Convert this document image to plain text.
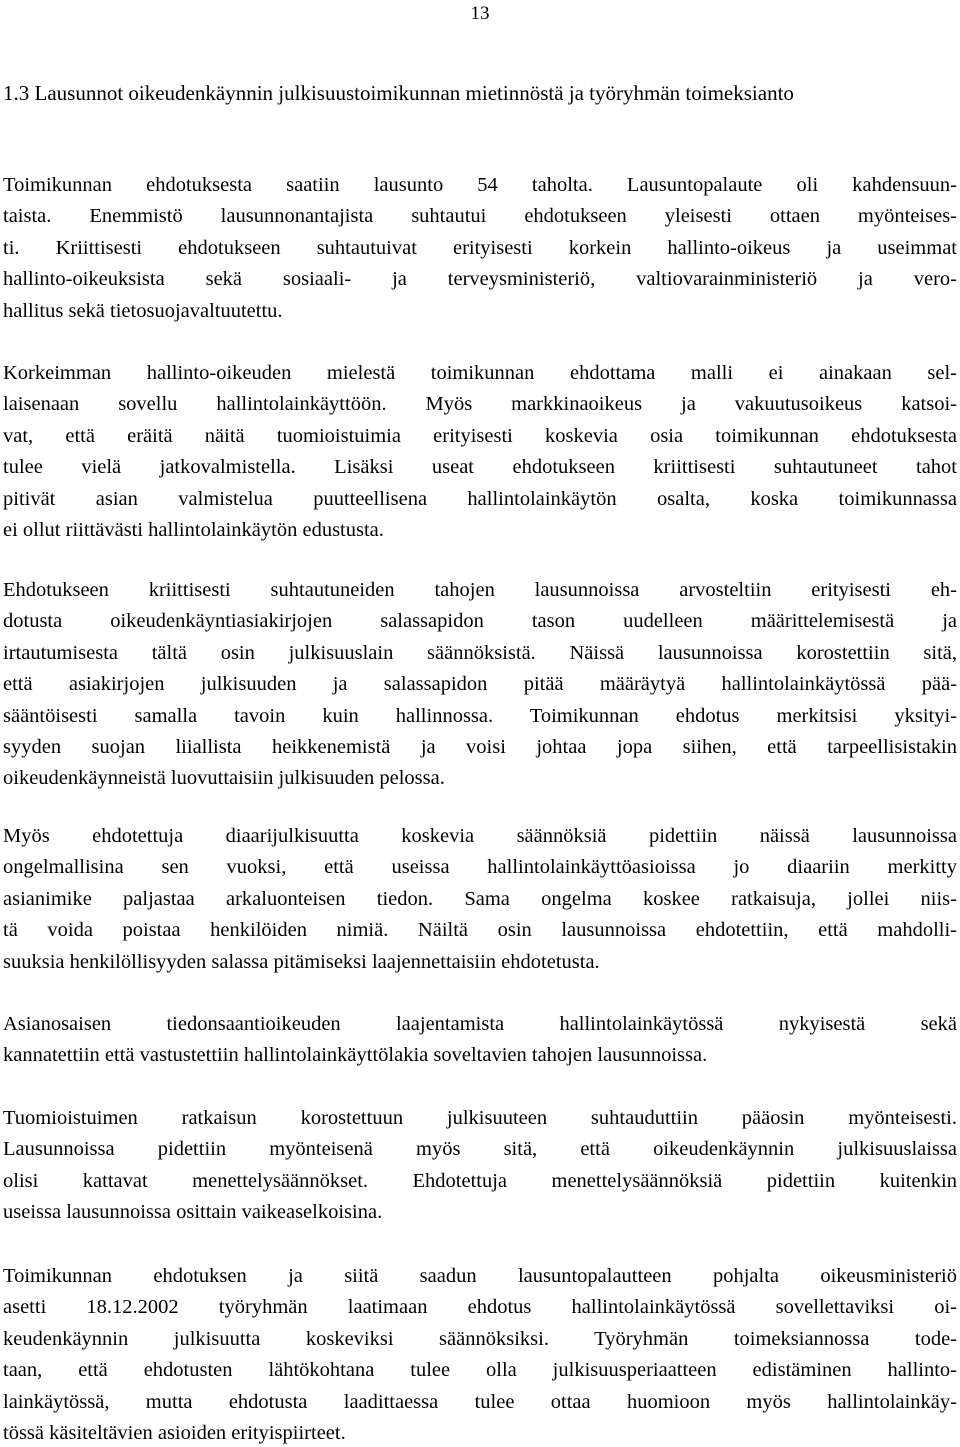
13
1.3 Lausunnot oikeudenkäynnin julkisuustoimikunnan mietinnöstä ja työryhmän toimeksianto
Toimikunnan ehdotuksesta saatiin lausunto 54 taholta. Lausuntopalaute oli kahdensuun-
taista. Enemmistö lausunnonantajista suhtautui ehdotukseen yleisesti ottaen myönteises-
ti. Kriittisesti ehdotukseen suhtautuivat erityisesti korkein hallinto-oikeus ja useimmat
hallinto-oikeuksista sekä sosiaali- ja terveysministeriö, valtiovarainministeriö ja vero-
hallitus sekä tietosuojavaltuutettu.
Korkeimman hallinto-oikeuden mielestä toimikunnan ehdottama malli ei ainakaan sel-
laisenaan sovellu hallintolainkäyttöön. Myös markkinaoikeus ja vakuutusoikeus katsoi-
vat, että eräitä näitä tuomioistuimia erityisesti koskevia osia toimikunnan ehdotuksesta
tulee vielä jatkovalmistella. Lisäksi useat ehdotukseen kriittisesti suhtautuneet tahot
pitivät asian valmistelua puutteellisena hallintolainkäytön osalta, koska toimikunnassa
ei ollut riittävästi hallintolainkäytön edustusta.
Ehdotukseen kriittisesti suhtautuneiden tahojen lausunnoissa arvosteltiin erityisesti eh-
dotusta oikeudenkäyntiasiakirjojen salassapidon tason uudelleen määrittelemisestä ja
irtautumisesta tältä osin julkisuuslain säännöksistä. Näissä lausunnoissa korostettiin sitä,
että asiakirjojen julkisuuden ja salassapidon pitää määräytyä hallintolainkäytössä pää-
sääntöisesti samalla tavoin kuin hallinnossa. Toimikunnan ehdotus merkitsisi yksityi-
syyden suojan liiallista heikkenemistä ja voisi johtaa jopa siihen, että tarpeellisistakin
oikeudenkäynneistä luovuttaisiin julkisuuden pelossa.
Myös ehdotettuja diaarijulkisuutta koskevia säännöksiä pidettiin näissä lausunnoissa
ongelmallisina sen vuoksi, että useissa hallintolainkäyttöasioissa jo diaariin merkitty
asianimike paljastaa arkaluonteisen tiedon. Sama ongelma koskee ratkaisuja, jollei niis-
tä voida poistaa henkilöiden nimiä. Näiltä osin lausunnoissa ehdotettiin, että mahdolli-
suuksia henkilöllisyyden salassa pitämiseksi laajennettaisiin ehdotetusta.
Asianosaisen tiedonsaantioikeuden laajentamista hallintolainkäytössä nykyisestä sekä
kannatettiin että vastustettiin hallintolainkäyttölakia soveltavien tahojen lausunnoissa.
Tuomioistuimen ratkaisun korostettuun julkisuuteen suhtauduttiin pääosin myönteisesti.
Lausunnoissa pidettiin myönteisenä myös sitä, että oikeudenkäynnin julkisuuslaissa
olisi kattavat menettelysäännökset. Ehdotettuja menettelysäännöksiä pidettiin kuitenkin
useissa lausunnoissa osittain vaikeaselkoisina.
Toimikunnan ehdotuksen ja siitä saadun lausuntopalautteen pohjalta oikeusministeriö
asetti 18.12.2002 työryhmän laatimaan ehdotus hallintolainkäytössä sovellettaviksi oi-
keudenkäynnin julkisuutta koskeviksi säännöksiksi. Työryhmän toimeksiannossa tode-
taan, että ehdotusten lähtökohtana tulee olla julkisuusperiaatteen edistäminen hallinto-
lainkäytössä, mutta ehdotusta laadittaessa tulee ottaa huomioon myös hallintolainkäy-
tössä käsiteltävien asioiden erityispiirteet.
